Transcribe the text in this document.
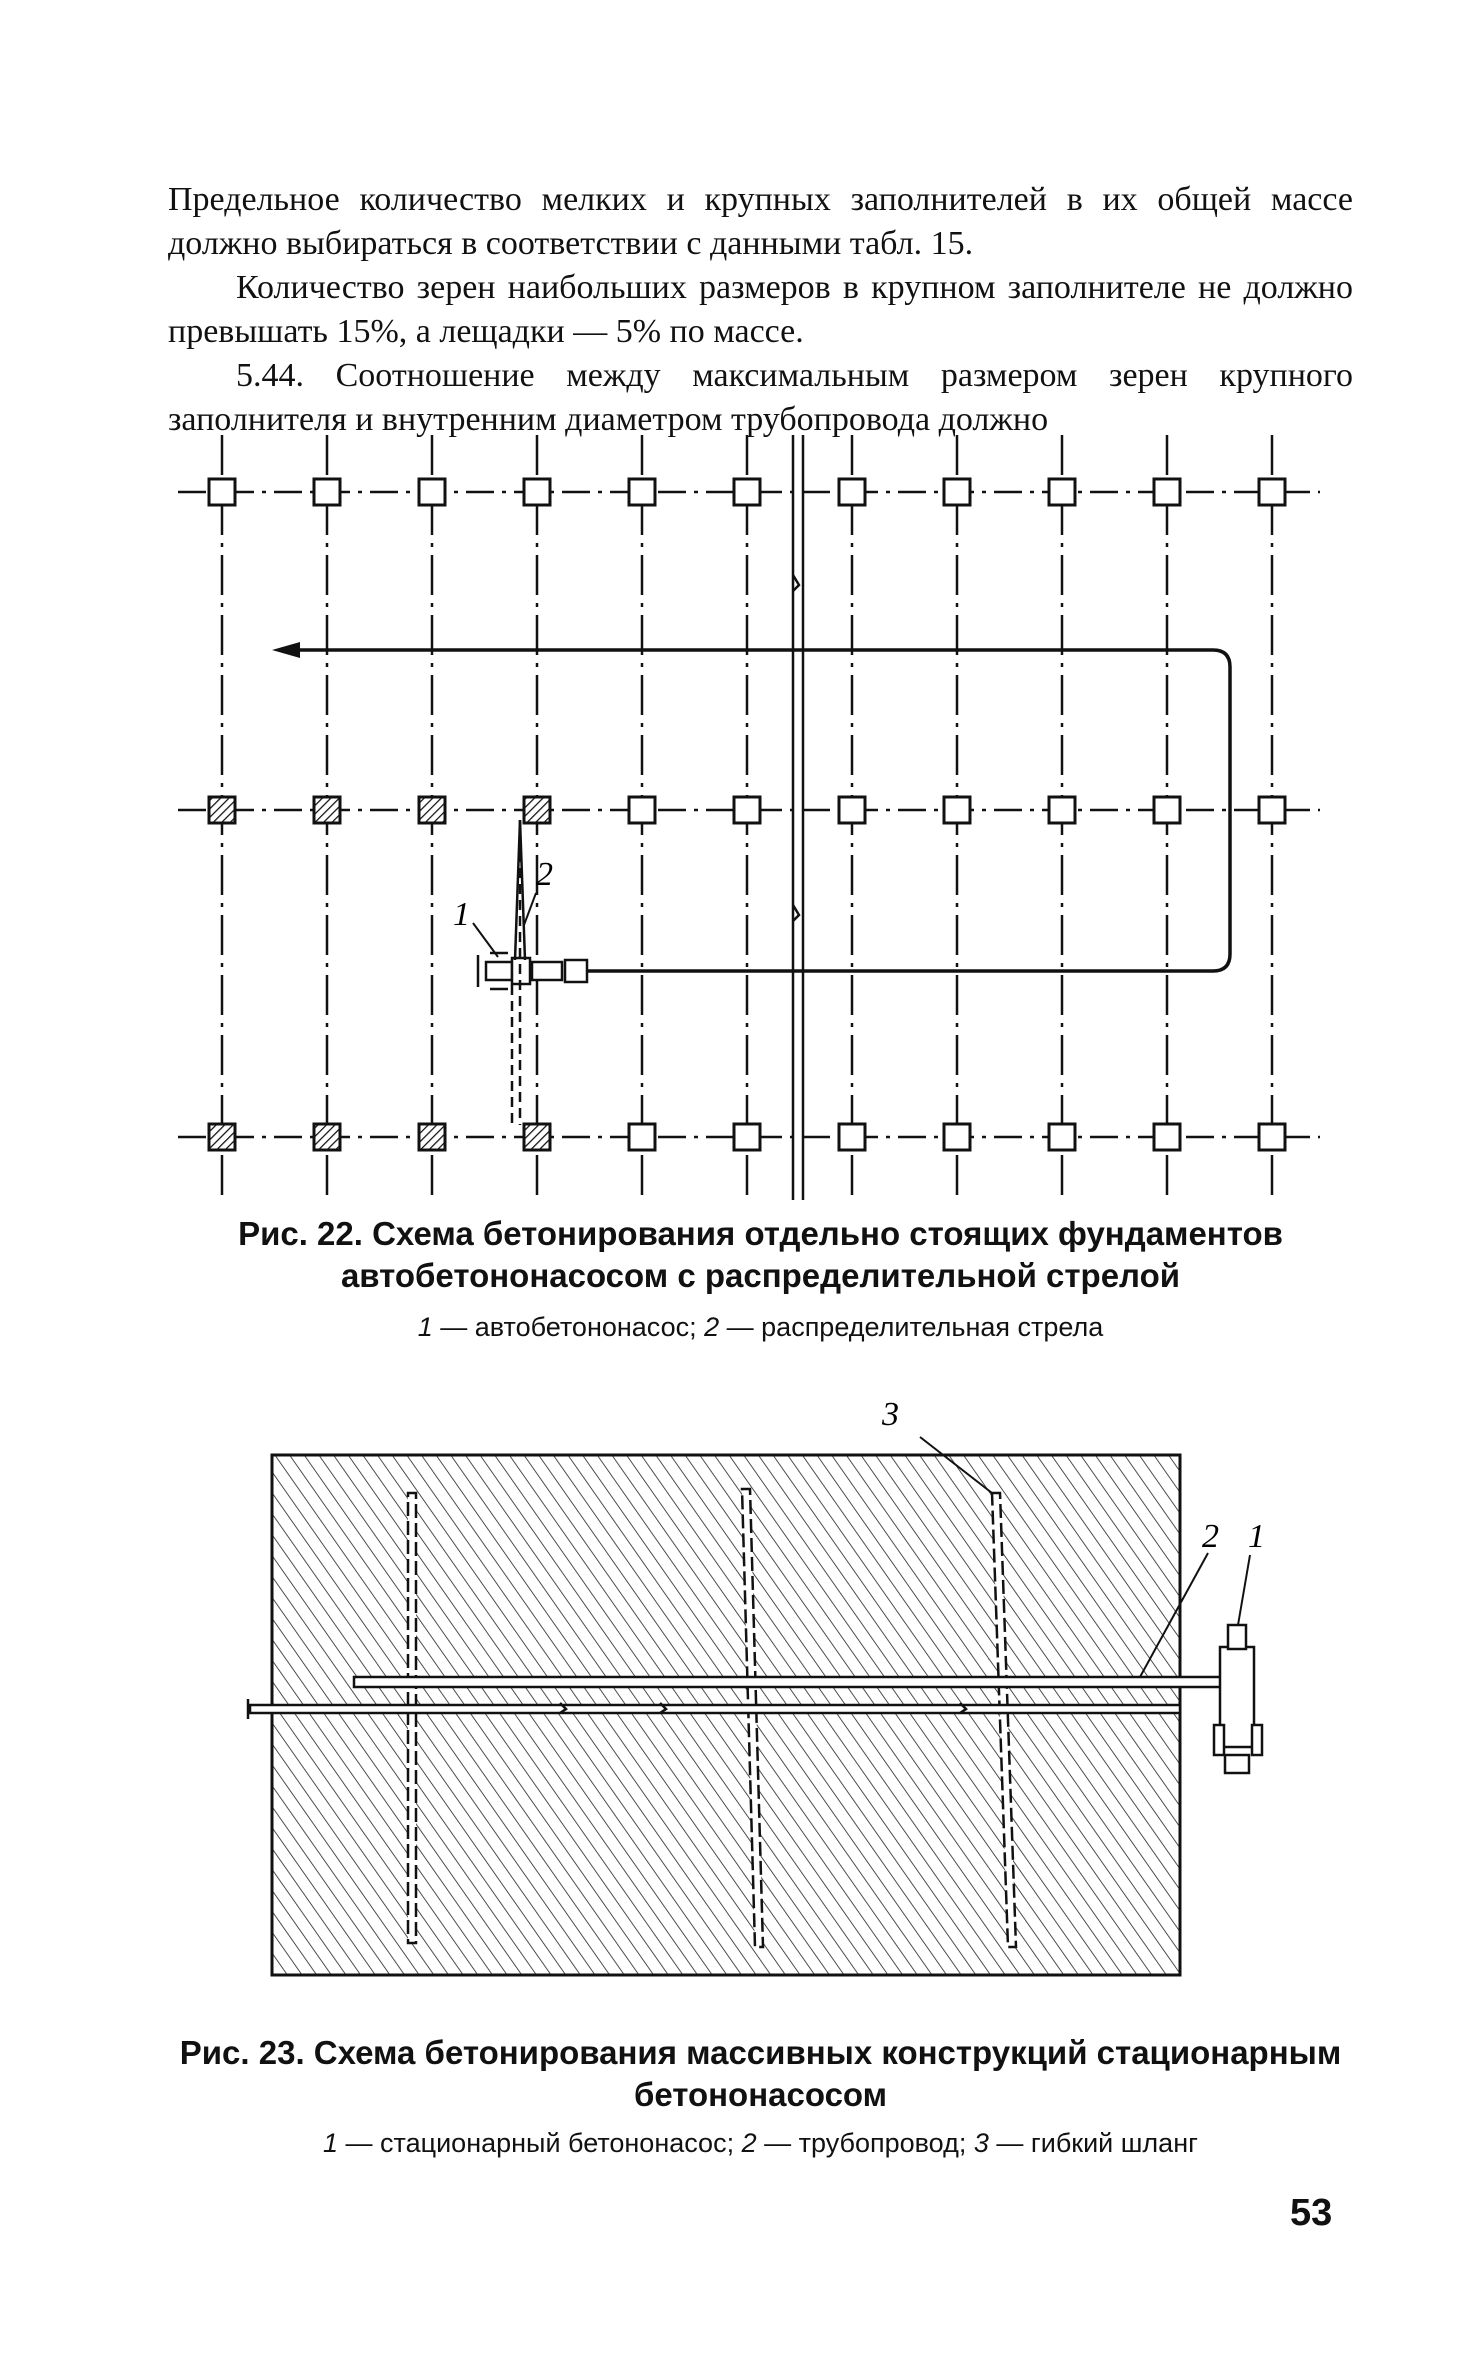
Предельное количество мелких и крупных заполнителей в их общей массе должно выбираться в соответствии с данными табл. 15.

Количество зерен наибольших размеров в крупном заполнителе не должно превышать 15%, а лещадки — 5% по массе.

5.44. Соотношение между максимальным размером зерен крупного заполнителя и внутренним диаметром трубопровода должно

1
2
Рис. 22. Схема бетонирования отдельно стоящих фундаментов автобетононасосом с распределительной стрелой
1 — автобетононасос; 2 — распределительная стрела
3
2 1
Рис. 23. Схема бетонирования массивных конструкций стационарным бетононасосом
1 — стационарный бетононасос; 2 — трубопровод; 3 — гибкий шланг
53
